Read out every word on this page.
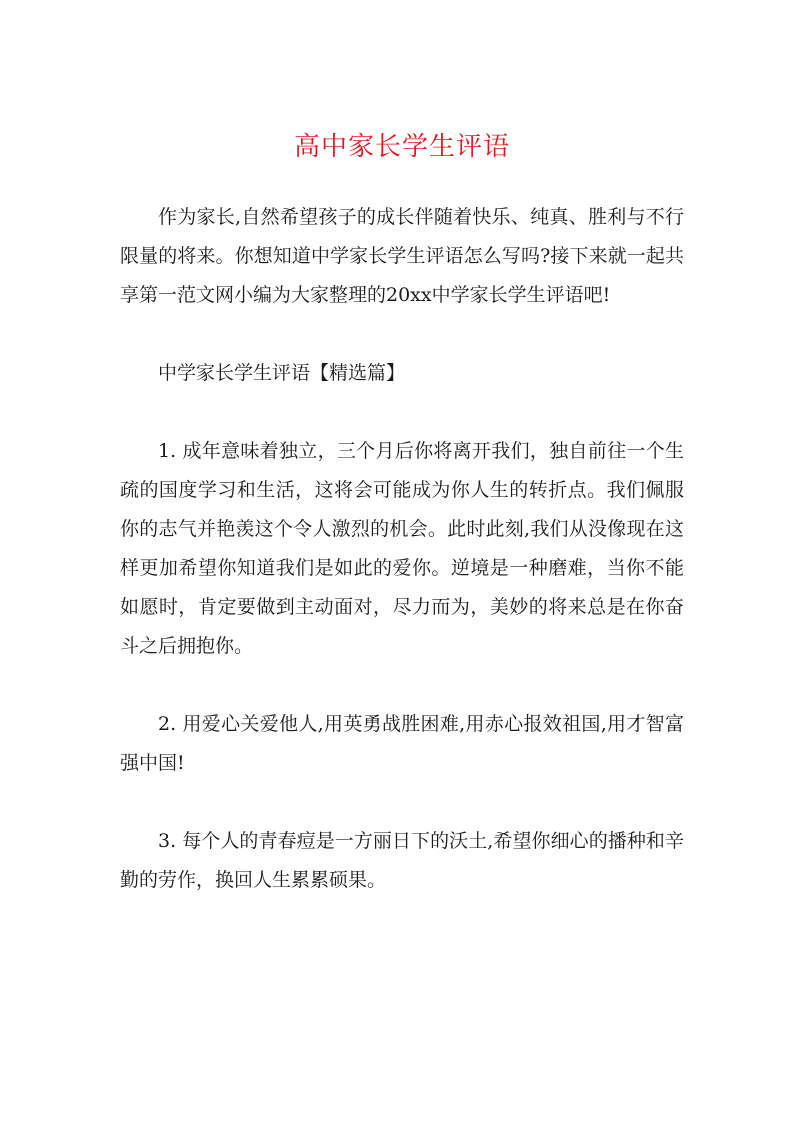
高中家长学生评语

作为家长,自然希望孩子的成长伴随着快乐、纯真、胜利与不行限量的将来。你想知道中学家长学生评语怎么写吗?接下来就一起共享第一范文网小编为大家整理的20xx中学家长学生评语吧!

中学家长学生评语【精选篇】

1. 成年意味着独立，三个月后你将离开我们，独自前往一个生疏的国度学习和生活，这将会可能成为你人生的转折点。我们佩服你的志气并艳羡这个令人激烈的机会。此时此刻,我们从没像现在这样更加希望你知道我们是如此的爱你。逆境是一种磨难，当你不能如愿时，肯定要做到主动面对，尽力而为，美妙的将来总是在你奋斗之后拥抱你。

2. 用爱心关爱他人,用英勇战胜困难,用赤心报效祖国,用才智富强中国!

3. 每个人的青春痘是一方丽日下的沃土,希望你细心的播种和辛勤的劳作，换回人生累累硕果。
